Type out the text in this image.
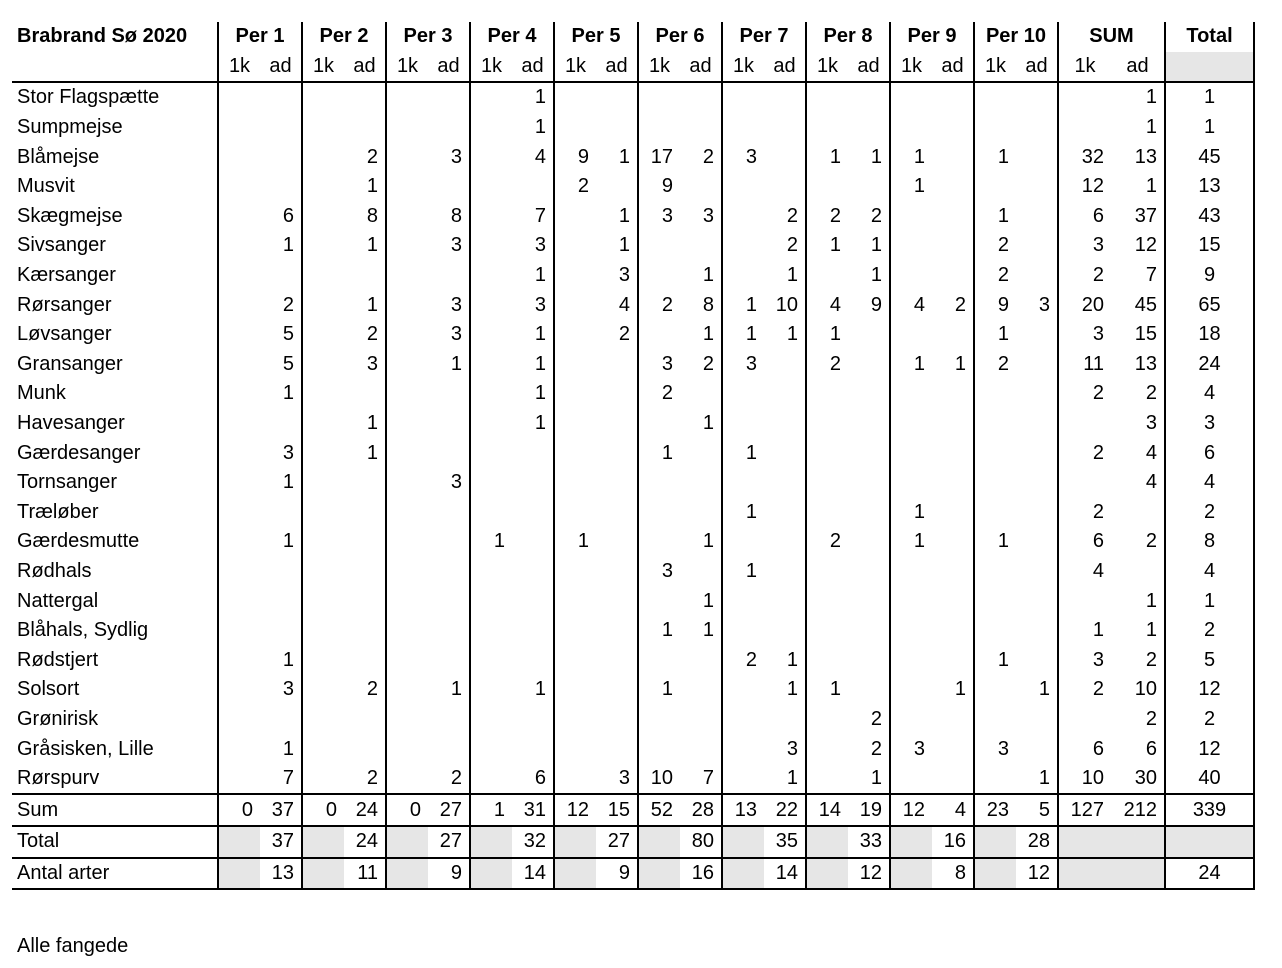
Brabrand Sø 2020	Per 1		Per 2		Per 3		Per 4		Per 5		Per 6		Per 7		Per 8		Per 9		Per 10		SUM		Total
	1k	ad	1k	ad	1k	ad	1k	ad	1k	ad	1k	ad	1k	ad	1k	ad	1k	ad	1k	ad	1k	ad	
Stor Flagspætte								1														1	1
Sumpmejse								1														1	1
Blåmejse				2		3		4	9	1	17	2	3		1	1	1		1		32	13	45
Musvit				1					2		9						1				12	1	13
Skægmejse		6		8		8		7		1	3	3		2	2	2			1		6	37	43
Sivsanger		1		1		3		3		1				2	1	1			2		3	12	15
Kærsanger								1		3		1		1		1			2		2	7	9
Rørsanger		2		1		3		3		4	2	8	1	10	4	9	4	2	9	3	20	45	65
Løvsanger		5		2		3		1		2		1	1	1	1				1		3	15	18
Gransanger		5		3		1		1			3	2	3		2		1	1	2		11	13	24
Munk		1						1			2										2	2	4
Havesanger				1				1				1										3	3
Gærdesanger		3		1							1		1								2	4	6
Tornsanger		1				3																4	4
Træløber													1				1				2		2
Gærdesmutte		1					1		1			1			2		1		1		6	2	8
Rødhals											3		1								4		4
Nattergal												1										1	1
Blåhals, Sydlig											1	1									1	1	2
Rødstjert		1											2	1					1		3	2	5
Solsort		3		2		1		1			1			1	1			1		1	2	10	12
Grønirisk																2						2	2
Gråsisken, Lille		1												3		2	3		3		6	6	12
Rørspurv		7		2		2		6		3	10	7		1		1				1	10	30	40
Sum	0	37	0	24	0	27	1	31	12	15	52	28	13	22	14	19	12	4	23	5	127	212	339
Total		37		24		27		32		27		80		35		33		16		28			
Antal arter		13		11		9		14		9		16		14		12		8		12			24
Alle fangede
